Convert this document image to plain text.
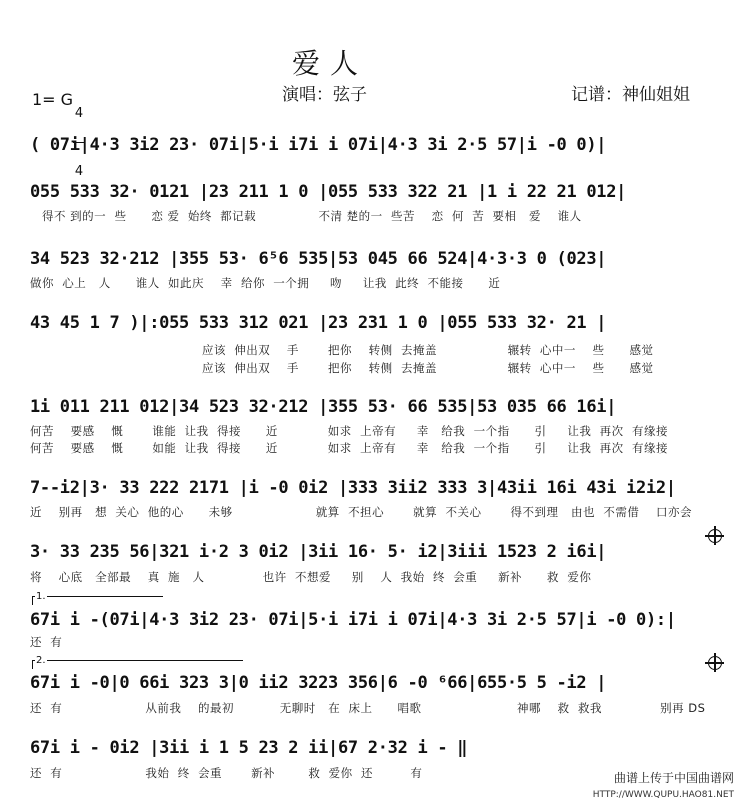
爱人
1= G

4

4

演唱：弦子	记谱：神仙姐姐
( 07i|4·3 3i2 23· 07i|5·i i7i i 07i|4·3 3i 2·5 57|i -0 0)|
055 533 32· 0121 |23 211 1 0 |055 533 322 21 |1 i 22 21 012|
得不 到的一  些      恋 爱  始终  都记载               不清 楚的一  些苦    恋  何  苦  要相   爱    谁人
34 523 32·212 |355 53· 6⁵6 535|53 045 66 524|4·3·3 0 (023|
做你  心上   人      谁人  如此庆    幸  给你  一个拥     吻     让我  此终  不能接      近
43 45 1 7 )|:055 533 312 021 |23 231 1 0 |055 533 32· 21 |
应该  伸出双    手       把你    转侧  去掩盖                 辗转  心中一    些      感觉
应该  伸出双    手       把你    转侧  去掩盖                 辗转  心中一    些      感觉
1i 011 211 012|34 523 32·212 |355 53· 66 535|53 035 66 16i|
何苦    要感    慨       谁能  让我  得接      近            如求  上帝有     幸   给我  一个指      引     让我  再次  有缘接
何苦    要感    慨       如能  让我  得接      近            如求  上帝有     幸   给我  一个指      引     让我  再次  有缘接
7--i2|3· 33 222 2171 |i -0 0i2 |333 3ii2 333 3|43ii 16i 43i i2i2|
近    别再   想  关心  他的心      未够                    就算  不担心       就算  不关心       得不到理   由也  不需借    口亦会
3· 33 235 56|321 i·2 3 0i2 |3ii 16· 5· i2|3iii 1523 2 i6i|
将    心底   全部最    真  施   人              也许  不想爱     别    人  我始  终  会重     新补      救  爱你

1.

67i i -(07i|4·3 3i2 23· 07i|5·i i7i i 07i|4·3 3i 2·5 57|i -0 0):|
还  有

2.

67i i -0|0 66i 323 3|0 ii2 3223 356|6 -0 ⁶66|655·5 5 -i2 |
还  有                    从前我    的最初           无聊时   在  床上      唱歌                       神哪    救  救我              别再 DS
67i i - 0i2 |3ii i 1 5 23 2 ii|67 2·32 i - ‖
还  有                    我始  终  会重       新补        救  爱你  还         有	曲谱上传于中国曲谱网
HTTP://WWW.QUPU.HAO81.NET
